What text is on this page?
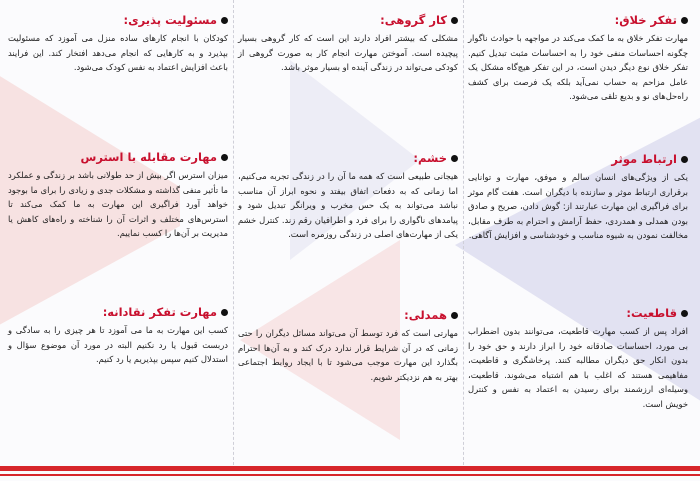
تفکر خلاق:

مهارت تفکر خلاق به ما کمک می‌کند در مواجهه با حوادث ناگوار چگونه احساسات منفی خود را به احساسات مثبت تبدیل کنیم. تفکر خلاق نوع دیگر دیدن است، در این تفکر هیچ‌گاه مشکل یک عامل مزاحم به حساب نمی‌آید بلکه یک فرصت برای کشف راه‌حل‌های نو و بدیع تلقی می‌شود.

ارتباط موثر

یکی از ویژگی‌های انسان سالم و موفق، مهارت و توانایی برقراری ارتباط موثر و سازنده با دیگران است. هفت گام موثر برای فراگیری این مهارت عبارتند از: گوش دادن، صریح و صادق بودن همدلی و همدردی، حفظ آرامش و احترام به طرف مقابل، مخالفت نمودن به شیوه مناسب و خودشناسی و افزایش آگاهی.

قاطعیت:

افراد پس از کسب مهارت قاطعیت، می‌توانند بدون اضطراب بی مورد، احساسات صادقانه خود را ابراز دارند و حق خود را بدون انکار حق دیگران مطالبه کنند. پرخاشگری و قاطعیت، مفاهیمی هستند که اغلب با هم اشتباه می‌شوند. قاطعیت، وسیله‌ای ارزشمند برای رسیدن به اعتماد به نفس و کنترل خویش است.

کار گروهی:

مشکلی که بیشتر افراد دارند این است که کار گروهی بسیار پیچیده است. آموختن مهارت انجام کار به صورت گروهی از کودکی می‌تواند در زندگی آینده او بسیار موثر باشد.

خشم:

هیجانی طبیعی است که همه ما آن را در زندگی تجربه می‌کنیم، اما زمانی که به دفعات اتفاق بیفتد و نحوه ابراز آن مناسب نباشد می‌تواند به یک حس مخرب و ویرانگر تبدیل شود و پیامدهای ناگواری را برای فرد و اطرافیان رقم زند. کنترل خشم یکی از مهارت‌های اصلی در زندگی روزمره است.

همدلی:

مهارتی است که فرد توسط آن می‌تواند مسائل دیگران را حتی زمانی که در آن شرایط قرار ندارد درک کند و به آن‌ها احترام بگذارد این مهارت موجب می‌شود تا با ایجاد روابط اجتماعی بهتر به هم نزدیکتر شویم.

مسئولیت پذیری:

کودکان با انجام کارهای ساده منزل می آموزد که مسئولیت بپذیرد و به کارهایی که انجام می‌دهد افتخار کند. این فرایند باعث افزایش اعتماد به نفس کودک می‌شود.

مهارت مقابله با استرس

میزان استرس اگر بیش از حد طولانی باشد بر زندگی و عملکرد ما تأثیر منفی گذاشته و مشکلات جدی و زیادی را برای ما بوجود خواهد آورد فراگیری این مهارت به ما کمک می‌کند تا استرس‌های مختلف و اثرات آن را شناخته و راه‌های کاهش یا مدیریت بر آن‌ها را کسب نماییم.

مهارت تفکر نقادانه:

کسب این مهارت به ما می آموزد تا هر چیزی را به سادگی و دربست قبول یا رد نکنیم البته در مورد آن موضوع سؤال و استدلال کنیم سپس بپذیریم یا رد کنیم.
